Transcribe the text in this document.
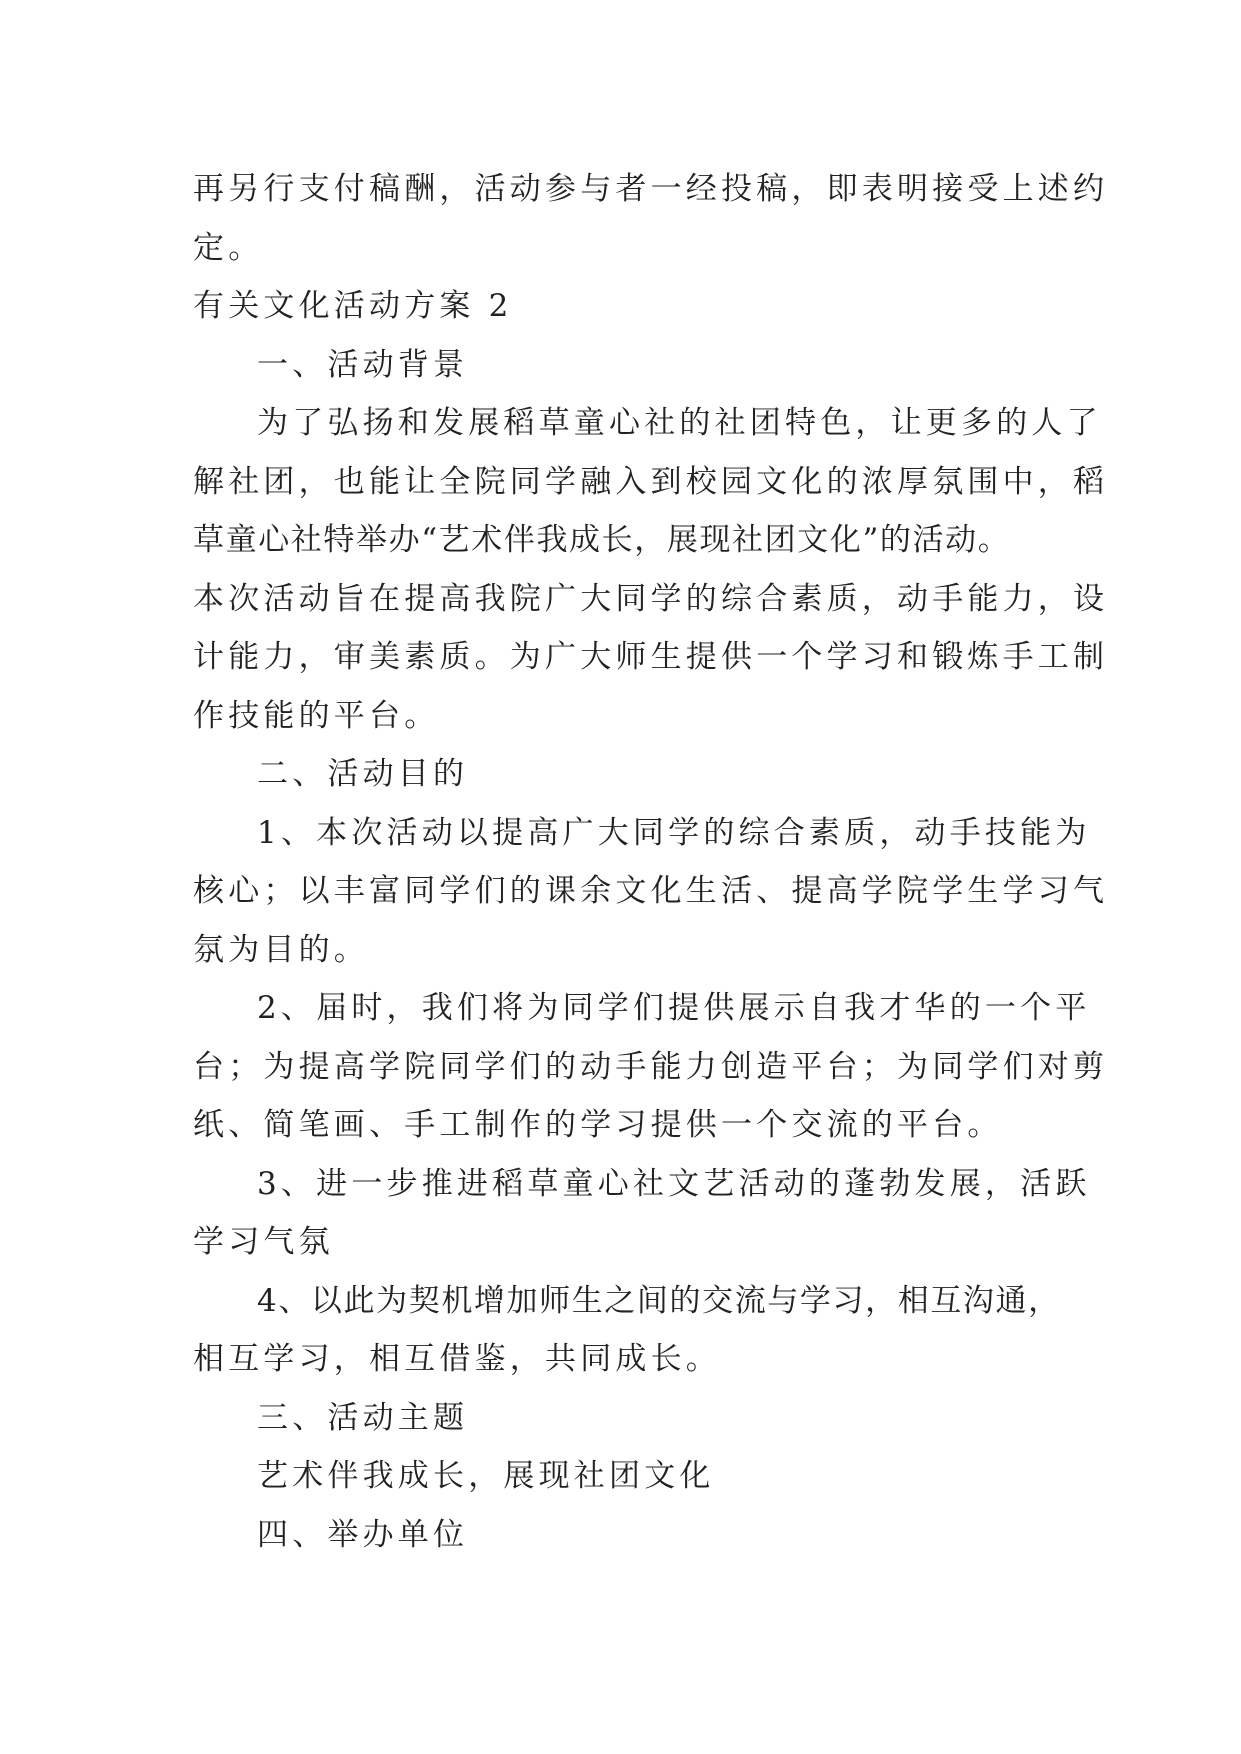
再另行支付稿酬，活动参与者一经投稿，即表明接受上述约
定。
有关文化活动方案 2
一、活动背景
为了弘扬和发展稻草童心社的社团特色，让更多的人了
解社团，也能让全院同学融入到校园文化的浓厚氛围中，稻
草童心社特举办“艺术伴我成长，展现社团文化”的活动。
本次活动旨在提高我院广大同学的综合素质，动手能力，设
计能力，审美素质。为广大师生提供一个学习和锻炼手工制
作技能的平台。
二、活动目的
1、本次活动以提高广大同学的综合素质，动手技能为
核心；以丰富同学们的课余文化生活、提高学院学生学习气
氛为目的。
2、届时，我们将为同学们提供展示自我才华的一个平
台；为提高学院同学们的动手能力创造平台；为同学们对剪
纸、简笔画、手工制作的学习提供一个交流的平台。
3、进一步推进稻草童心社文艺活动的蓬勃发展，活跃
学习气氛
4、以此为契机增加师生之间的交流与学习，相互沟通，
相互学习，相互借鉴，共同成长。
三、活动主题
艺术伴我成长，展现社团文化
四、举办单位
